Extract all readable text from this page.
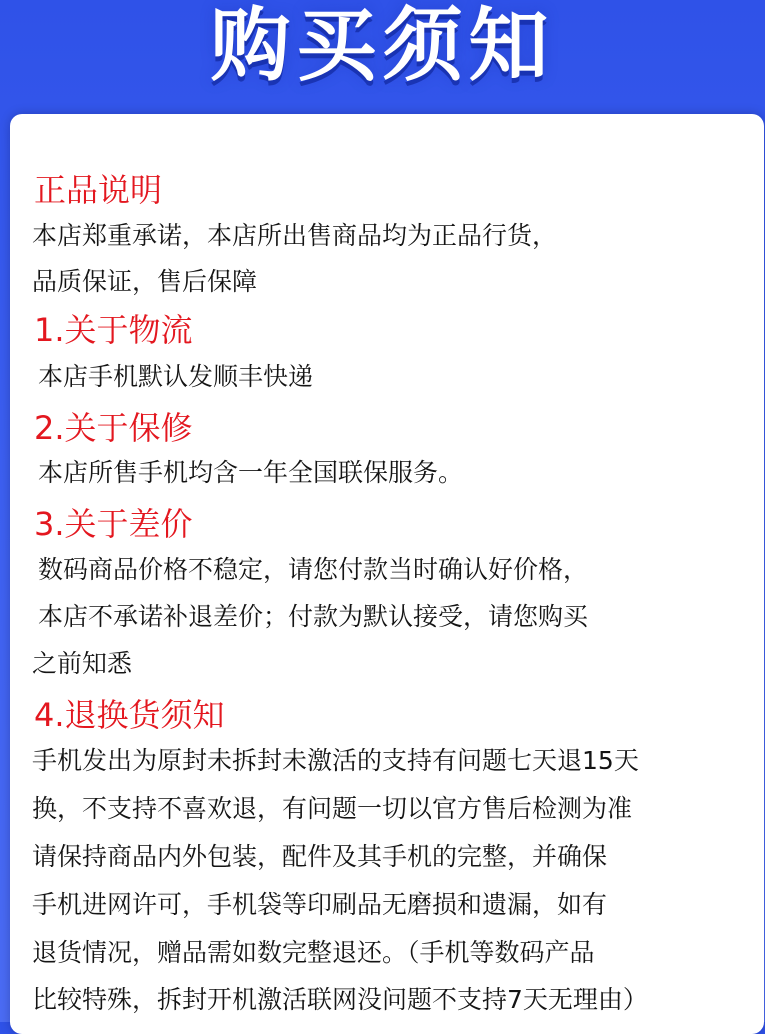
购买须知
正品说明
本店郑重承诺，本店所出售商品均为正品行货，
品质保证，售后保障
1.关于物流
本店手机默认发顺丰快递
2.关于保修
本店所售手机均含一年全国联保服务。
3.关于差价
数码商品价格不稳定，请您付款当时确认好价格，
本店不承诺补退差价；付款为默认接受，请您购买
之前知悉
4.退换货须知
手机发出为原封未拆封未激活的支持有问题七天退15天
换，不支持不喜欢退，有问题一切以官方售后检测为准
请保持商品内外包装，配件及其手机的完整，并确保
手机进网许可，手机袋等印刷品无磨损和遗漏，如有
退货情况，赠品需如数完整退还。（手机等数码产品
比较特殊，拆封开机激活联网没问题不支持7天无理由）
